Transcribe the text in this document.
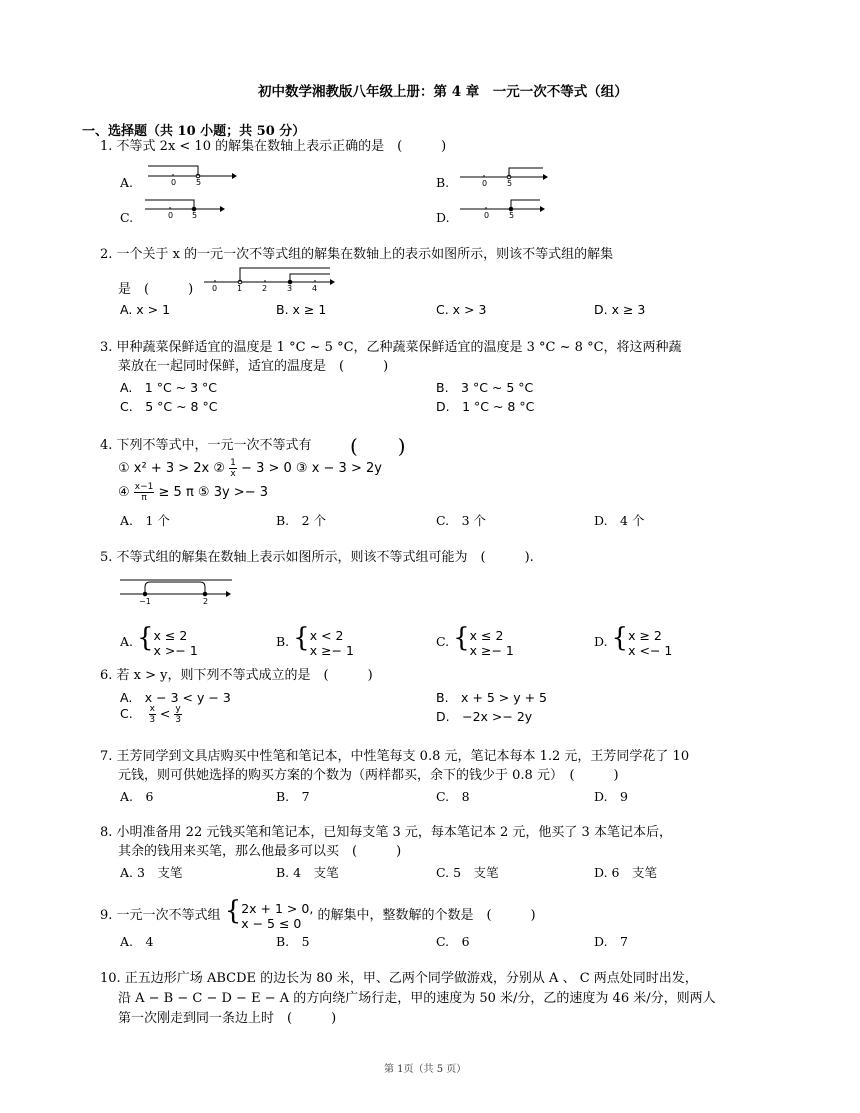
初中数学湘教版八年级上册：第 4 章　一元一次不等式（组）
一、选择题（共 10 小题；共 50 分）
1. 不等式 2x < 10 的解集在数轴上表示正确的是　(　　　)
A.	0 5	B.	0 5
C.	0 5	D.	0 5
2. 一个关于 x 的一元一次不等式组的解集在数轴上的表示如图所示，则该不等式组的解集
0 1 2 3 4
是　(　　　)
A. x > 1	B. x ≥ 1	C. x > 3	D. x ≥ 3
3. 甲种蔬菜保鲜适宜的温度是 1 °C ~ 5 °C，乙种蔬菜保鲜适宜的温度是 3 °C ~ 8 °C，将这两种蔬
菜放在一起同时保鲜，适宜的温度是　(　　　)
A.　1 °C ~ 3 °C	B.　3 °C ~ 5 °C
C.　5 °C ~ 8 °C	D.　1 °C ~ 8 °C
4. 下列不等式中，一元一次不等式有 (　　)
① x² + 3 > 2x ② $\frac{1}{x} - 3 > 0$ ③ x − 3 > 2y
④ $\frac{x-1}{\pi} \ge 5$ π ⑤ 3y >− 3
A.　1 个	B.　2 个	C.　3 个	D.　4 个
5. 不等式组的解集在数轴上表示如图所示，则该不等式组可能为　(　　　).
−1	2
A. { x ≤ 2
x >− 1
B. { x < 2
x ≥− 1
C. { x ≤ 2
x ≥− 1
D. { x ≥ 2
x <− 1
6. 若 x > y，则下列不等式成立的是　(　　　)
A.　x − 3 < y − 3	B.　x + 5 > y + 5
C. $\frac{x}{3} < \frac{y}{3}$	D.　−2x >− 2y
7. 王芳同学到文具店购买中性笔和笔记本，中性笔每支 0.8 元，笔记本每本 1.2 元，王芳同学花了 10
元钱，则可供她选择的购买方案的个数为（两样都买，余下的钱少于 0.8 元）　(　　　)
A.　6	B.　7	C.　8	D.　9
8. 小明准备用 22 元钱买笔和笔记本，已知每支笔 3 元，每本笔记本 2 元，他买了 3 本笔记本后，
其余的钱用来买笔，那么他最多可以买　(　　　)
A. 3　支笔	B. 4　支笔	C. 5　支笔	D. 6　支笔
9. 一元一次不等式组 { 2x + 1 > 0,
x − 5 ≤ 0	的解集中，整数解的个数是　(　　　)
A.　4	B.　5	C.　6	D.　7
10. 正五边形广场 ABCDE 的边长为 80 米，甲、乙两个同学做游戏，分别从 A 、 C 两点处同时出发，
沿 A − B − C − D − E − A 的方向绕广场行走，甲的速度为 50 米/分，乙的速度为 46 米/分，则两人
第一次刚走到同一条边上时　(　　　)
第 1页（共 5 页）
